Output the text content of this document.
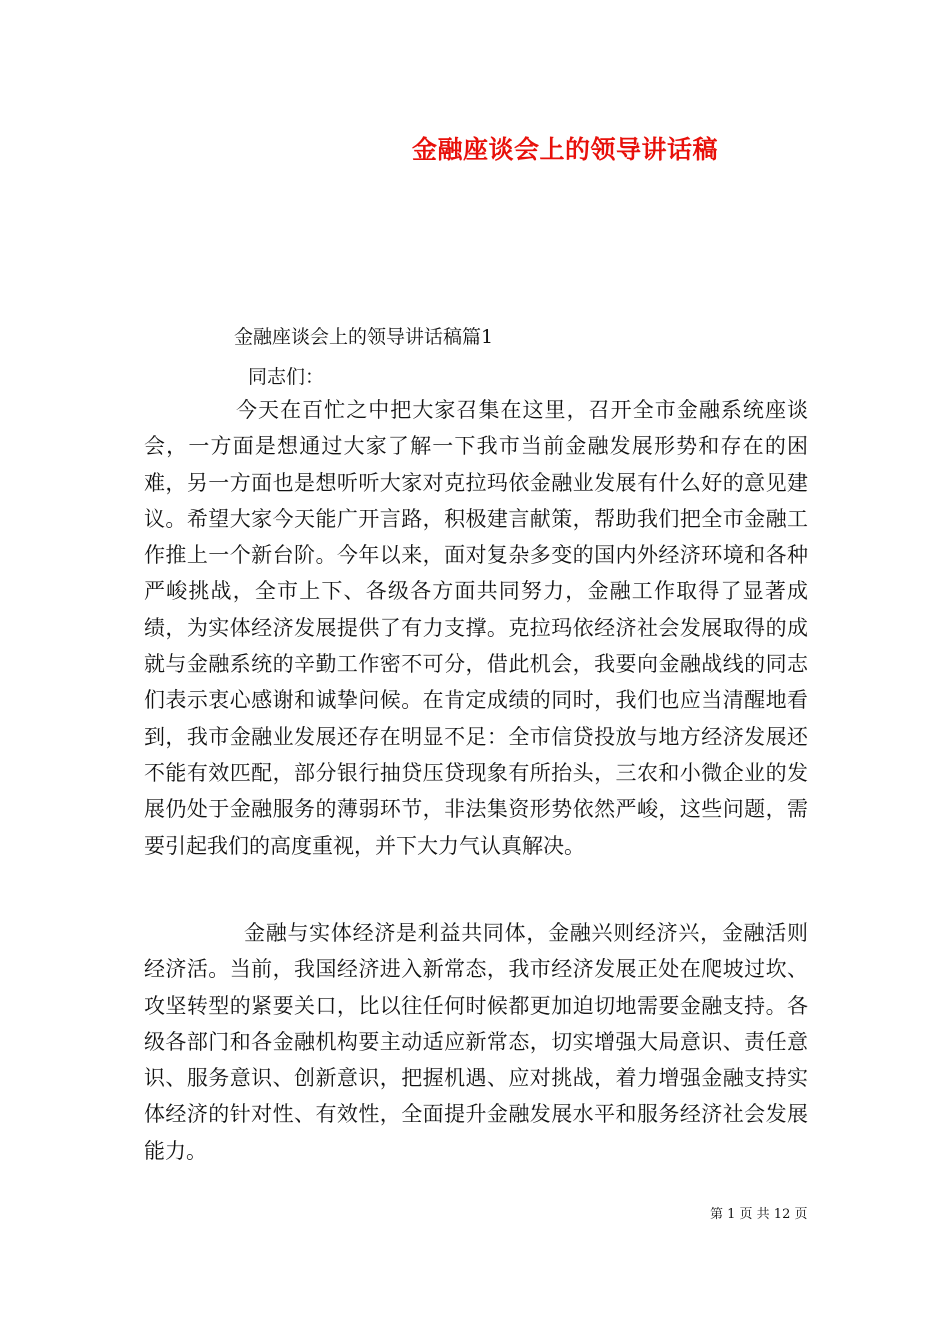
金融座谈会上的领导讲话稿
金融座谈会上的领导讲话稿篇1
同志们：

今天在百忙之中把大家召集在这里，召开全市金融系统座谈会，一方面是想通过大家了解一下我市当前金融发展形势和存在的困难，另一方面也是想听听大家对克拉玛依金融业发展有什么好的意见建议。希望大家今天能广开言路，积极建言献策，帮助我们把全市金融工作推上一个新台阶。今年以来，面对复杂多变的国内外经济环境和各种严峻挑战，全市上下、各级各方面共同努力，金融工作取得了显著成绩，为实体经济发展提供了有力支撑。克拉玛依经济社会发展取得的成就与金融系统的辛勤工作密不可分，借此机会，我要向金融战线的同志们表示衷心感谢和诚挚问候。在肯定成绩的同时，我们也应当清醒地看到，我市金融业发展还存在明显不足：全市信贷投放与地方经济发展还不能有效匹配，部分银行抽贷压贷现象有所抬头，三农和小微企业的发展仍处于金融服务的薄弱环节，非法集资形势依然严峻，这些问题，需要引起我们的高度重视，并下大力气认真解决。

金融与实体经济是利益共同体，金融兴则经济兴，金融活则经济活。当前，我国经济进入新常态，我市经济发展正处在爬坡过坎、攻坚转型的紧要关口，比以往任何时候都更加迫切地需要金融支持。各级各部门和各金融机构要主动适应新常态，切实增强大局意识、责任意识、服务意识、创新意识，把握机遇、应对挑战，着力增强金融支持实体经济的针对性、有效性，全面提升金融发展水平和服务经济社会发展能力。

第 1 页 共 12 页
